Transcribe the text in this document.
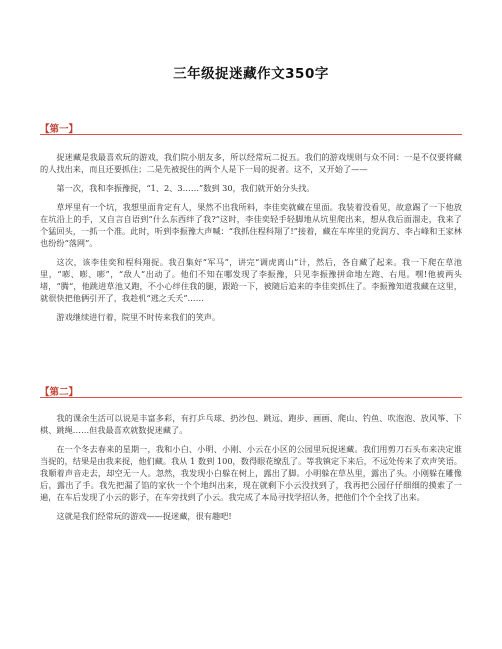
三年级捉迷藏作文350字
【第一】

捉迷藏是我最喜欢玩的游戏，我们院小朋友多，所以经常玩二捉五。我们的游戏规则与众不同：一是不仅要将藏的人找出来，而且还要抓住；二是先被捉住的两个人是下一局的捉者。这不，又开始了——

第一次，我和李振豫捉，“1、2、3……”数到 30，我们就开始分头找。

草坪里有一个坑，我想里面肯定有人，果然不出我所料，李佳奕就藏在里面。我装着没看见，故意踢了一下他放在坑沿上的手，又自言自语到“什么东西绊了我?”这时，李佳奕轻手轻脚地从坑里爬出来，想从我后面溜走，我来了个猛回头，一抓一个准。此时，听到李振豫大声喊：“我抓住程科翔了!”接着，藏在车库里的党润方、李占峰和王家林也纷纷“落网”。

这次，该李佳奕和程科翔捉。我召集好“军马”，讲完“调虎离山”计，然后，各自藏了起来。我一下爬在草池里，“嘭、嘭、嘭”，“敌人”出动了。他们不知在哪发现了李振豫，只见李振豫拼命地左跑、右甩。嘿!他被两头堵，“腾”，他跳进草池又跑，不小心绊住我的腿，跟跄一下，被随后追来的李佳奕抓住了。李振豫知道我藏在这里，就很快把他俩引开了，我趁机“逃之夭夭”……

游戏继续进行着，院里不时传来我们的笑声。

【第二】

我的课余生活可以说是丰富多彩，有打乒乓球、扔沙包、跳远、跑步、画画、爬山、钓鱼、吹泡泡、放风筝、下棋、跳绳……但我最喜欢就数捉迷藏了。

在一个冬去春来的星期一，我和小白、小明、小刚、小云在小区的公园里玩捉迷藏。我们用剪刀石头布来决定谁当捉的，结果是由我来捉，他们藏。我从 1 数到 100，数得眼花缭乱了。等我镇定下来后，不远处传来了欢声笑语。我顺着声音走去，却空无一人。忽然，我发现小白躲在树上，露出了脚。小明躲在草丛里，露出了头。小刚躲在雕像后，露出了手。我先把漏了馅的家伙一个个地纠出来，现在就剩下小云没找到了，我再把公园仔仔细细的摸索了一遍，在车后发现了小云的影子，在车旁找到了小云。我完成了本局寻找学招认务，把他们个个全找了出来。

这就是我们经常玩的游戏——捉迷藏，很有趣吧!
